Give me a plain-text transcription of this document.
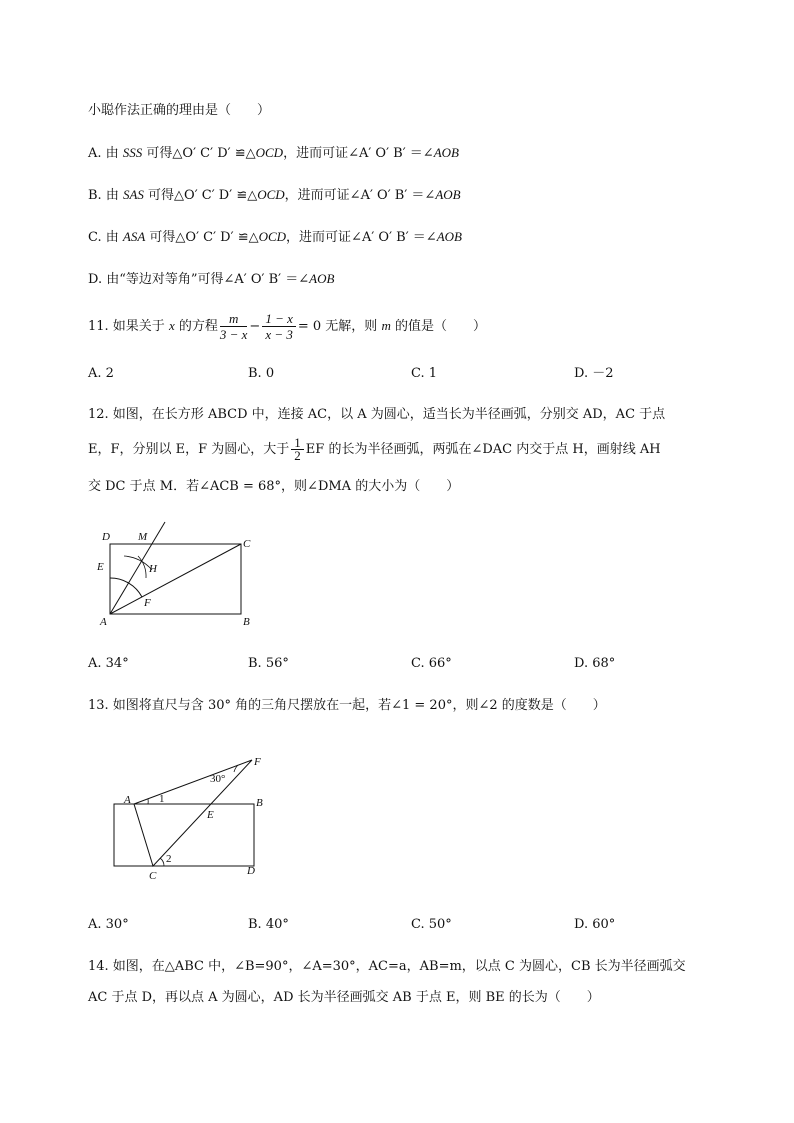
小聪作法正确的理由是（　　）
A. 由 SSS 可得△O′ C′ D′ ≌△OCD，进而可证∠A′ O′ B′ ＝∠AOB
B. 由 SAS 可得△O′ C′ D′ ≌△OCD，进而可证∠A′ O′ B′ ＝∠AOB
C. 由 ASA 可得△O′ C′ D′ ≌△OCD，进而可证∠A′ O′ B′ ＝∠AOB
D. 由“等边对等角”可得∠A′ O′ B′ ＝∠AOB
11. 如果关于 x 的方程 $\frac{m}{3 - x} - \frac{1 - x}{x - 3} = 0$ 无解，则 m 的值是（　　）
A. 2	B. 0	C. 1	D. －2
12. 如图，在长方形 ABCD 中，连接 AC，以 A 为圆心，适当长为半径画弧，分别交 AD，AC 于点
E，F，分别以 E，F 为圆心，大于 $\frac{1}{2}$ EF 的长为半径画弧，两弧在∠DAC 内交于点 H，画射线 AH
交 DC 于点 M．若∠ACB = 68°，则∠DMA 的大小为（　　）
D	M
C
E	H
F
A	B
A. 34°	B. 56°	C. 66°	D. 68°
13. 如图将直尺与含 30° 角的三角尺摆放在一起，若∠1 = 20°，则∠2 的度数是（　　）
F
30°
A	1	B
E
2
C	D
A. 30°	B. 40°	C. 50°	D. 60°
14. 如图，在△ABC 中，∠B=90°，∠A=30°，AC=a，AB=m，以点 C 为圆心，CB 长为半径画弧交
AC 于点 D，再以点 A 为圆心，AD 长为半径画弧交 AB 于点 E，则 BE 的长为（　　）
